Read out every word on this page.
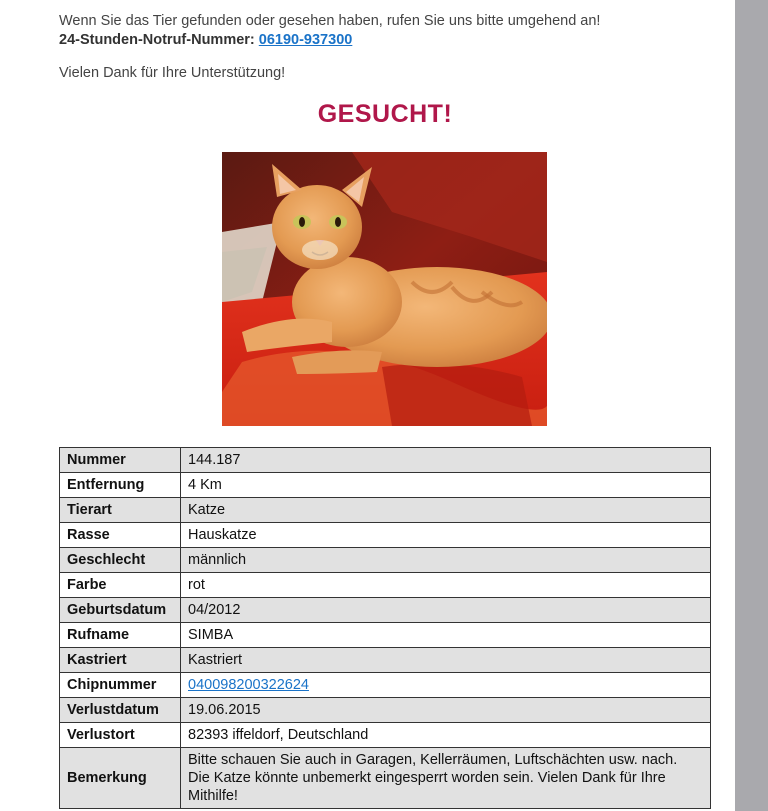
Wenn Sie das Tier gefunden oder gesehen haben, rufen Sie uns bitte umgehend an!
24-Stunden-Notruf-Nummer: 06190-937300
Vielen Dank für Ihre Unterstützung!
GESUCHT!
Nummer	144.187
Entfernung	4 Km
Tierart	Katze
Rasse	Hauskatze
Geschlecht	männlich
Farbe	rot
Geburtsdatum	04/2012
Rufname	SIMBA
Kastriert	Kastriert
Chipnummer	040098200322624
Verlustdatum	19.06.2015
Verlustort	82393 iffeldorf, Deutschland
Bemerkung	Bitte schauen Sie auch in Garagen, Kellerräumen, Luftschächten usw. nach. Die Katze könnte unbemerkt eingesperrt worden sein. Vielen Dank für Ihre Mithilfe!
